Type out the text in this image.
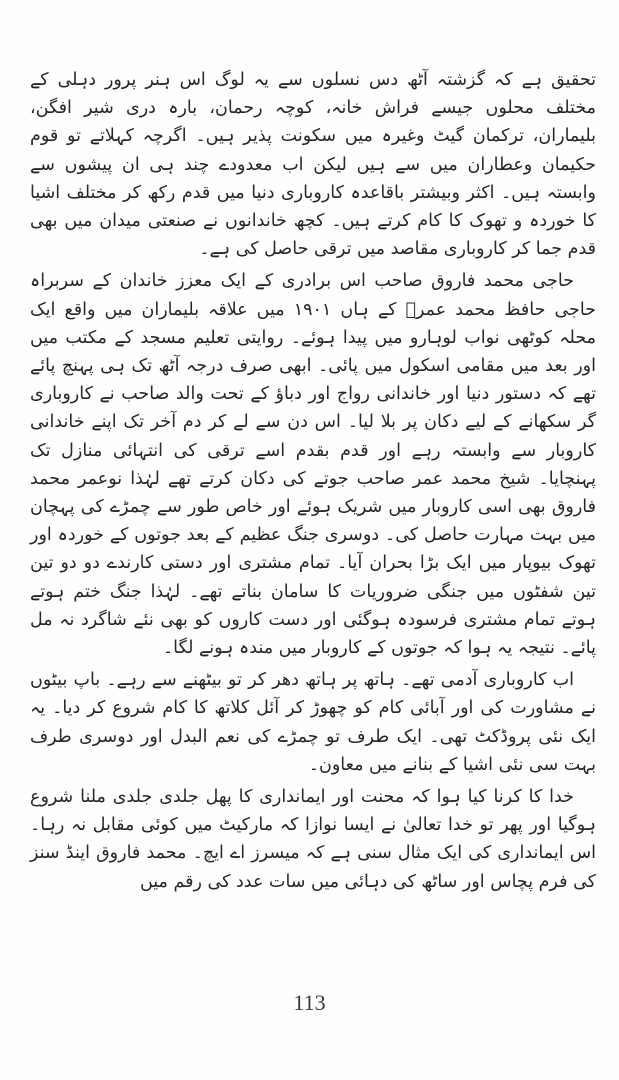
تحقیق ہے کہ گزشتہ آٹھ دس نسلوں سے یہ لوگ اس ہنر پرور دہلی کے مختلف محلوں جیسے فراش خانہ، کوچہ رحمان، بارہ دری شیر افگن، بلیماران، ترکمان گیٹ وغیرہ میں سکونت پذیر ہیں۔ اگرچہ کہلاتے تو قوم حکیمان وعطاران میں سے ہیں لیکن اب معدودے چند ہی ان پیشوں سے وابستہ ہیں۔ اکثر وبیشتر باقاعدہ کاروباری دنیا میں قدم رکھ کر مختلف اشیا کا خوردہ و تھوک کا کام کرتے ہیں۔ کچھ خاندانوں نے صنعتی میدان میں بھی قدم جما کر کاروباری مقاصد میں ترقی حاصل کی ہے۔

حاجی محمد فاروق صاحب اس برادری کے ایک معزز خاندان کے سربراہ حاجی حافظ محمد عمرؒ کے ہاں ۱۹۰۱ میں علاقہ بلیماران میں واقع ایک محلہ کوٹھی نواب لوہارو میں پیدا ہوئے۔ روایتی تعلیم مسجد کے مکتب میں اور بعد میں مقامی اسکول میں پائی۔ ابھی صرف درجہ آٹھ تک ہی پہنچ پائے تھے کہ دستور دنیا اور خاندانی رواج اور دباؤ کے تحت والد صاحب نے کاروباری گر سکھانے کے لیے دکان پر بلا لیا۔ اس دن سے لے کر دم آخر تک اپنے خاندانی کاروبار سے وابستہ رہے اور قدم بقدم اسے ترقی کی انتہائی منازل تک پہنچایا۔ شیخ محمد عمر صاحب جوتے کی دکان کرتے تھے لہٰذا نوعمر محمد فاروق بھی اسی کاروبار میں شریک ہوئے اور خاص طور سے چمڑے کی پہچان میں بہت مہارت حاصل کی۔ دوسری جنگ عظیم کے بعد جوتوں کے خوردہ اور تھوک بیوپار میں ایک بڑا بحران آیا۔ تمام مشتری اور دستی کارندے دو دو تین تین شفٹوں میں جنگی ضروریات کا سامان بناتے تھے۔ لہٰذا جنگ ختم ہوتے ہوتے تمام مشتری فرسودہ ہوگئی اور دست کاروں کو بھی نئے شاگرد نہ مل پائے۔ نتیجہ یہ ہوا کہ جوتوں کے کاروبار میں مندہ ہونے لگا۔

اب کاروباری آدمی تھے۔ ہاتھ پر ہاتھ دھر کر تو بیٹھنے سے رہے۔ باپ بیٹوں نے مشاورت کی اور آبائی کام کو چھوڑ کر آئل کلاتھ کا کام شروع کر دیا۔ یہ ایک نئی پروڈکٹ تھی۔ ایک طرف تو چمڑے کی نعم البدل اور دوسری طرف بہت سی نئی اشیا کے بنانے میں معاون۔

خدا کا کرنا کیا ہوا کہ محنت اور ایمانداری کا پھل جلدی جلدی ملنا شروع ہوگیا اور پھر تو خدا تعالیٰ نے ایسا نوازا کہ مارکیٹ میں کوئی مقابل نہ رہا۔ اس ایمانداری کی ایک مثال سنی ہے کہ میسرز اے ایچ۔ محمد فاروق اینڈ سنز کی فرم پچاس اور ساٹھ کی دہائی میں سات عدد کی رقم میں

113
